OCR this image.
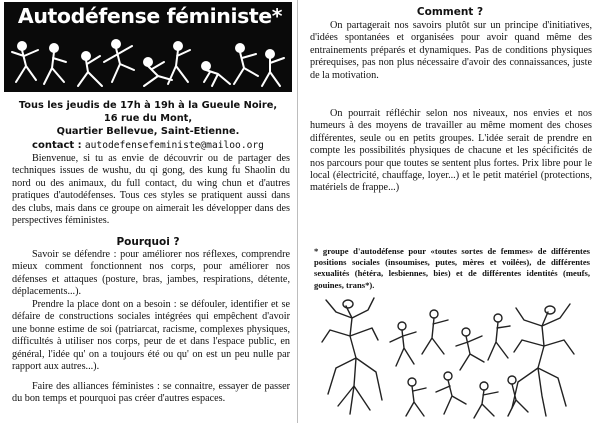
Autodéfense féministe*
Tous les jeudis de 17h à 19h à la Gueule Noire,
16 rue du Mont,
Quartier Bellevue, Saint-Etienne.
contact : autodefensefeministe@mailoo.org

Bienvenue, si tu as envie de découvrir ou de partager des techniques issues de wushu, du qi gong, des kung fu Shaolin du nord ou des animaux, du full contact, du wing chun et d'autres pratiques d'autodéfenses. Tous ces styles se pratiquent aussi dans des clubs, mais dans ce groupe on aimerait les développer dans des perspectives féministes.

Pourquoi ?

Savoir se défendre : pour améliorer nos réflexes, comprendre mieux comment fonctionnent nos corps, pour améliorer nos défenses et attaques (posture, bras, jambes, respirations, détente, déplacements...).

Prendre la place dont on a besoin : se défouler, identifier et se défaire de constructions sociales intégrées qui empêchent d'avoir une bonne estime de soi (patriarcat, racisme, complexes physiques, difficultés à utiliser nos corps, peur de et dans l'espace public, en général, l'idée qu' on a toujours été ou qu' on est un peu nulle par rapport aux autres...).

Faire des alliances féministes : se connaitre, essayer de passer du bon temps et pourquoi pas créer d'autres espaces.

Comment ?

On partagerait nos savoirs plutôt sur un principe d'initiatives, d'idées spontanées et organisées pour avoir quand même des entrainements préparés et dynamiques. Pas de conditions physiques prérequises, pas non plus nécessaire d'avoir des connaissances, juste de la motivation.

On pourrait réfléchir selon nos niveaux, nos envies et nos humeurs à des moyens de travailler au même moment des choses différentes, seule ou en petits groupes. L'idée serait de prendre en compte les possibilités physiques de chacune et les spécificités de nos parcours pour que toutes se sentent plus fortes. Prix libre pour le local (électricité, chauffage, loyer...) et le petit matériel (protections, matériels de frappe...)

* groupe d'autodéfense pour «toutes sortes de femmes» de différentes positions sociales (insoumises, putes, mères et voilées), de différentes sexualités (hétéra, lesbiennes, bies) et de différentes identités (meufs, gouines, trans*).
